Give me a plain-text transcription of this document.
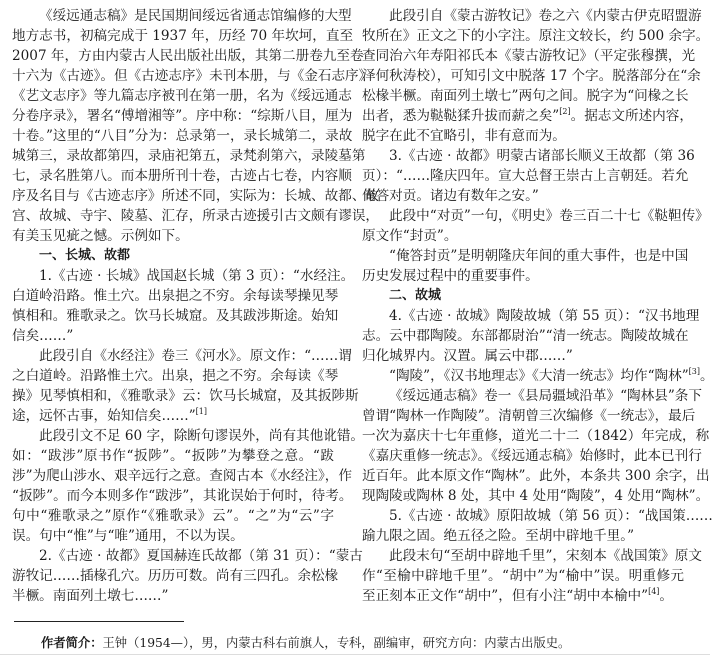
《绥远通志稿》是民国期间绥远省通志馆编修的大型
地方志书，初稿完成于 1937 年，历经 70 年坎坷，直至
2007 年，方由内蒙古人民出版社出版，其第二册卷九至卷
十六为《古迹》。但《古迹志序》未刊本册，与《金石志序》
《艺文志序》等九篇志序被刊在第一册，名为《绥远通志
分卷序录》，署名“傅增湘等”。序中称：“综斯八目，厘为
十卷。”这里的“八目”分为：总录第一，录长城第二，录故
城第三，录故都第四，录庙祀第五，录梵刹第六，录陵墓第
七，录名胜第八。而本册所刊十卷，古迹占七卷，内容顺
序及名目与《古迹志序》所述不同，实际为：长城、故都、故
宫、故城、寺宇、陵墓、汇存，所录古迹援引古文颇有谬误，
有美玉见疵之憾。示例如下。
一、长城、故都
1.《古迹 · 长城》战国赵长城（第 3 页）：“水经注。
白道岭沿路。惟土穴。出泉挹之不穷。余每读琴操见琴
慎相和。雅歌录之。饮马长城窟。及其跋涉斯途。始知
信矣……”
此段引自《水经注》卷三《河水》。原文作：“……谓
之白道岭。沿路惟土穴。出泉，挹之不穷。余每读《琴
操》见琴慎相和，《雅歌录》云：饮马长城窟，及其扳陟斯
途，远怀古事，始知信矣……”[1]
此段引文不足 60 字，除断句谬误外，尚有其他讹错。
如：“跋涉”原书作“扳陟”。“扳陟”为攀登之意。“跋
涉”为爬山涉水、艰辛远行之意。查阅古本《水经注》，作
“扳陟”。而今本则多作“跋涉”，其讹误始于何时，待考。
句中“雅歌录之”原作“《雅歌录》云”。“之”为“云”字
误。句中“惟”与“唯”通用，不以为误。
2.《古迹 · 故都》夏国赫连氏故都（第 31 页）：“蒙古
游牧记……插椽孔穴。历历可数。尚有三四孔。余松椽
半橛。南面列土墩七……”
此段引自《蒙古游牧记》卷之六《内蒙古伊克昭盟游
牧所在》正文之下的小字注。原注文较长，约 500 余字。
查同治六年寿阳祁氏本《蒙古游牧记》（平定张穆撰，光
泽何秋涛校），可知引文中脱落 17 个字。脱落部分在“余
松椽半橛。南面列土墩七”两句之间。脱字为“问椽之长
出者，悉为鞑鞑猱升拔而薪之矣”[2]。据志文所述内容，
脱字在此不宜略引，非有意而为。
3.《古迹 · 故都》明蒙古诸部长顺义王故都（第 36
页）：“……隆庆四年。宣大总督王崇古上言朝廷。若允
俺答对贡。诸边有数年之安。”
此段中“对贡”一句，《明史》卷三百二十七《鞑靼传》
原文作“封贡”。
“俺答封贡”是明朝隆庆年间的重大事件，也是中国
历史发展过程中的重要事件。
二、故城
4.《古迹 · 故城》陶陵故城（第 55 页）：“汉书地理
志。云中郡陶陵。东部都尉治”“清一统志。陶陵故城在
归化城界内。汉置。属云中郡……”
“陶陵”，《汉书地理志》《大清一统志》均作“陶林”[3]。
《绥远通志稿》卷一《县局疆域沿革》“陶林县”条下
曾谓“陶林一作陶陵”。清朝曾三次编修《一统志》，最后
一次为嘉庆十七年重修，道光二十二（1842）年完成，称
《嘉庆重修一统志》。《绥远通志稿》始修时，此本已刊行
近百年。此本原文作“陶林”。此外，本条共 300 余字，出
现陶陵或陶林 8 处，其中 4 处用“陶陵”，4 处用“陶林”。
5.《古迹 · 故城》原阳故城（第 56 页）：“战国策……
踰九限之固。绝五径之险。至胡中辟地千里。”
此段末句“至胡中辟地千里”，宋刻本《战国策》原文
作“至榆中辟地千里”。“胡中”为“榆中”误。明重修元
至正刻本正文作“胡中”，但有小注“胡中本榆中”[4]。
作者简介：王钟（1954—），男，内蒙古科右前旗人，专科，副编审，研究方向：内蒙古出版史。
